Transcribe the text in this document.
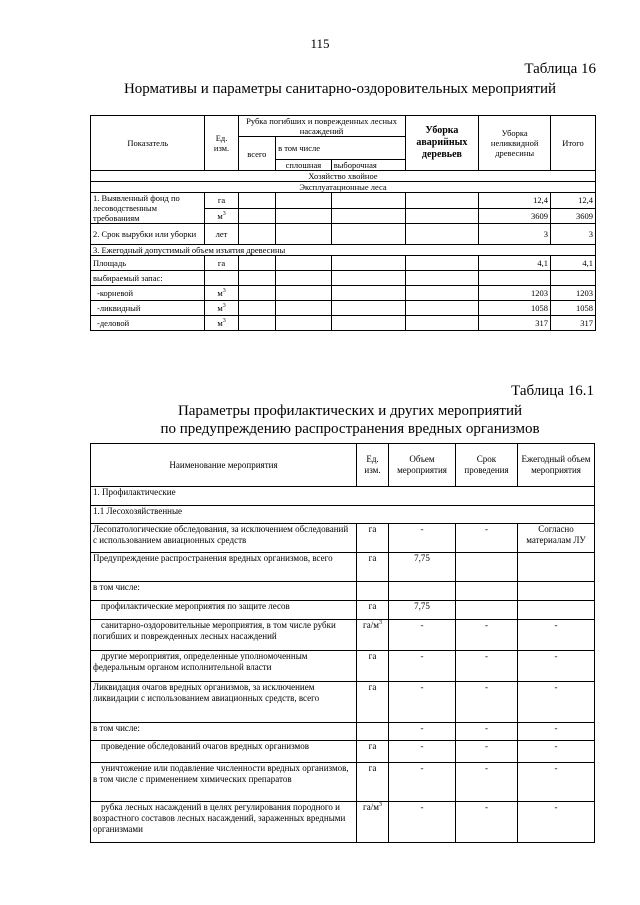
115
Таблица 16
Нормативы и параметры санитарно-оздоровительных мероприятий
Показатель	Ед. изм.	Рубка погибших и поврежденных лесных насаждений			Уборка аварийных деревьев	Уборка неликвидной древесины	Итого
		всего	в том числе				
			сплошная	выборочная			
Хозяйство хвойное							
Эксплуатационные леса							
1. Выявленный фонд по лесоводственным требованиям	га					12,4	12,4
	$м^3$					3609	3609
2. Срок вырубки или уборки	лет					3	3
3. Ежегодный допустимый объем изъятия древесины							
Площадь	га					4,1	4,1
выбираемый запас:							
-корневой	$м^3$					1203	1203
-ликвидный	$м^3$					1058	1058
-деловой	$м^3$					317	317
Таблица 16.1
Параметры профилактических и других мероприятий
по предупреждению распространения вредных организмов
Наименование мероприятия	Ед. изм.	Объем мероприятия	Срок проведения	Ежегодный объем мероприятия
1. Профилактические				
1.1 Лесохозяйственные				
Лесопатологические обследования, за исключением обследований с использованием авиационных средств	га	-	-	Согласно материалам ЛУ
Предупреждение распространения вредных организмов, всего	га	7,75		
в том числе:				
профилактические мероприятия по защите лесов	га	7,75		
санитарно-оздоровительные мероприятия, в том числе рубки погибших и поврежденных лесных насаждений	$га/м^3$	-	-	-
другие мероприятия, определенные уполномоченным федеральным органом исполнительной власти	га	-	-	-
Ликвидация очагов вредных организмов, за исключением ликвидации с использованием авиационных средств, всего	га	-	-	-
в том числе:		-	-	-
проведение обследований очагов вредных организмов	га	-	-	-
уничтожение или подавление численности вредных организмов, в том числе с применением химических препаратов	га	-	-	-
рубка лесных насаждений в целях регулирования породного и возрастного составов лесных насаждений, зараженных вредными организмами	$га/м^3$	-	-	-
